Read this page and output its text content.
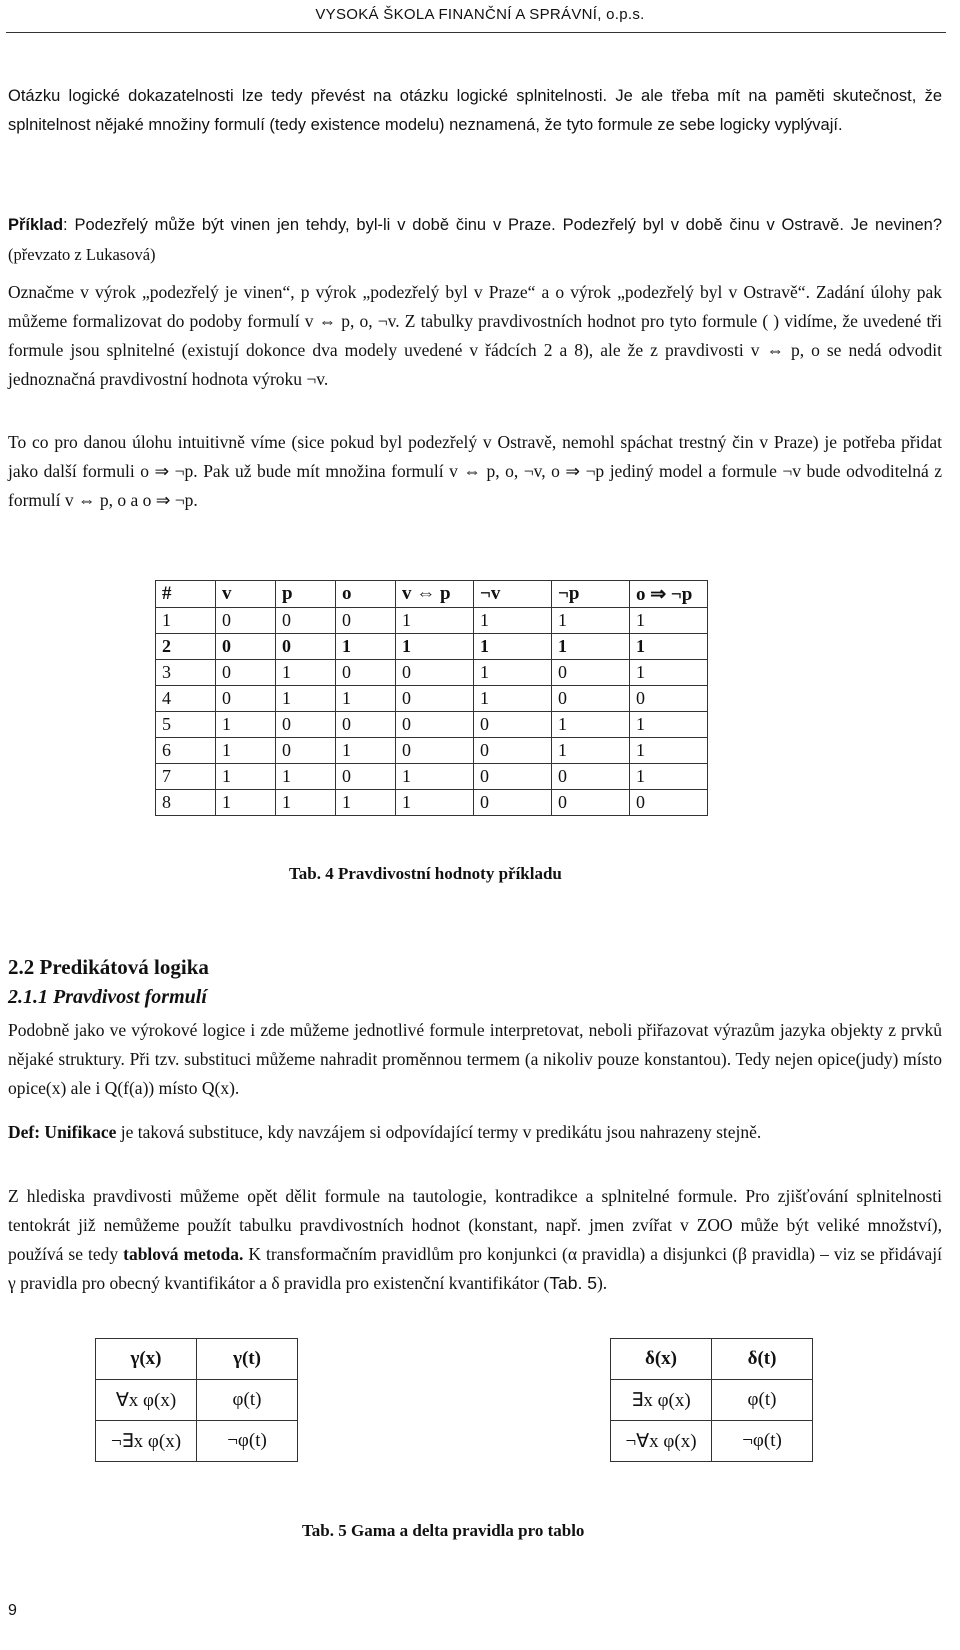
VYSOKÁ ŠKOLA FINANČNÍ A SPRÁVNÍ, o.p.s.

Otázku logické dokazatelnosti lze tedy převést na otázku logické splnitelnosti. Je ale třeba mít na paměti skutečnost, že splnitelnost nějaké množiny formulí (tedy existence modelu) neznamená, že tyto formule ze sebe logicky vyplývají.

Příklad: Podezřelý může být vinen jen tehdy, byl-li v době činu v Praze. Podezřelý byl v době činu v Ostravě. Je nevinen? (převzato z Lukasová)

Označme v výrok „podezřelý je vinen“, p výrok „podezřelý byl v Praze“ a o výrok „podezřelý byl v Ostravě“. Zadání úlohy pak můžeme formalizovat do podoby formulí v ⇔ p, o, ¬v. Z tabulky pravdivostních hodnot pro tyto formule ( ) vidíme, že uvedené tři formule jsou splnitelné (existují dokonce dva modely uvedené v řádcích 2 a 8), ale že z pravdivosti v ⇔ p, o se nedá odvodit jednoznačná pravdivostní hodnota výroku ¬v.

To co pro danou úlohu intuitivně víme (sice pokud byl podezřelý v Ostravě, nemohl spáchat trestný čin v Praze) je potřeba přidat jako další formuli o ⇒ ¬p. Pak už bude mít množina formulí v ⇔ p, o, ¬v, o ⇒ ¬p jediný model a formule ¬v bude odvoditelná z formulí v ⇔ p, o a o ⇒ ¬p.

#	v	p	o	v ⇔ p	¬v	¬p	o ⇒ ¬p
1	0	0	0	1	1	1	1
2	0	0	1	1	1	1	1
3	0	1	0	0	1	0	1
4	0	1	1	0	1	0	0
5	1	0	0	0	0	1	1
6	1	0	1	0	0	1	1
7	1	1	0	1	0	0	1
8	1	1	1	1	0	0	0
Tab. 4 Pravdivostní hodnoty příkladu
2.2 Predikátová logika
2.1.1 Pravdivost formulí

Podobně jako ve výrokové logice i zde můžeme jednotlivé formule interpretovat, neboli přiřazovat výrazům jazyka objekty z prvků nějaké struktury. Při tzv. substituci můžeme nahradit proměnnou termem (a nikoliv pouze konstantou). Tedy nejen opice(judy) místo opice(x) ale i Q(f(a)) místo Q(x).

Def: Unifikace je taková substituce, kdy navzájem si odpovídající termy v predikátu jsou nahrazeny stejně.

Z hlediska pravdivosti můžeme opět dělit formule na tautologie, kontradikce a splnitelné formule. Pro zjišťování splnitelnosti tentokrát již nemůžeme použít tabulku pravdivostních hodnot (konstant, např. jmen zvířat v ZOO může být veliké množství), používá se tedy tablová metoda. K transformačním pravidlům pro konjunkci (α pravidla) a disjunkci (β pravidla) – viz se přidávají γ pravidla pro obecný kvantifikátor a δ pravidla pro existenční kvantifikátor (Tab. 5).

γ(x)	γ(t)
∀x φ(x)	φ(t)
¬∃x φ(x)	¬φ(t)
δ(x)	δ(t)
∃x φ(x)	φ(t)
¬∀x φ(x)	¬φ(t)
Tab. 5 Gama a delta pravidla pro tablo
9
